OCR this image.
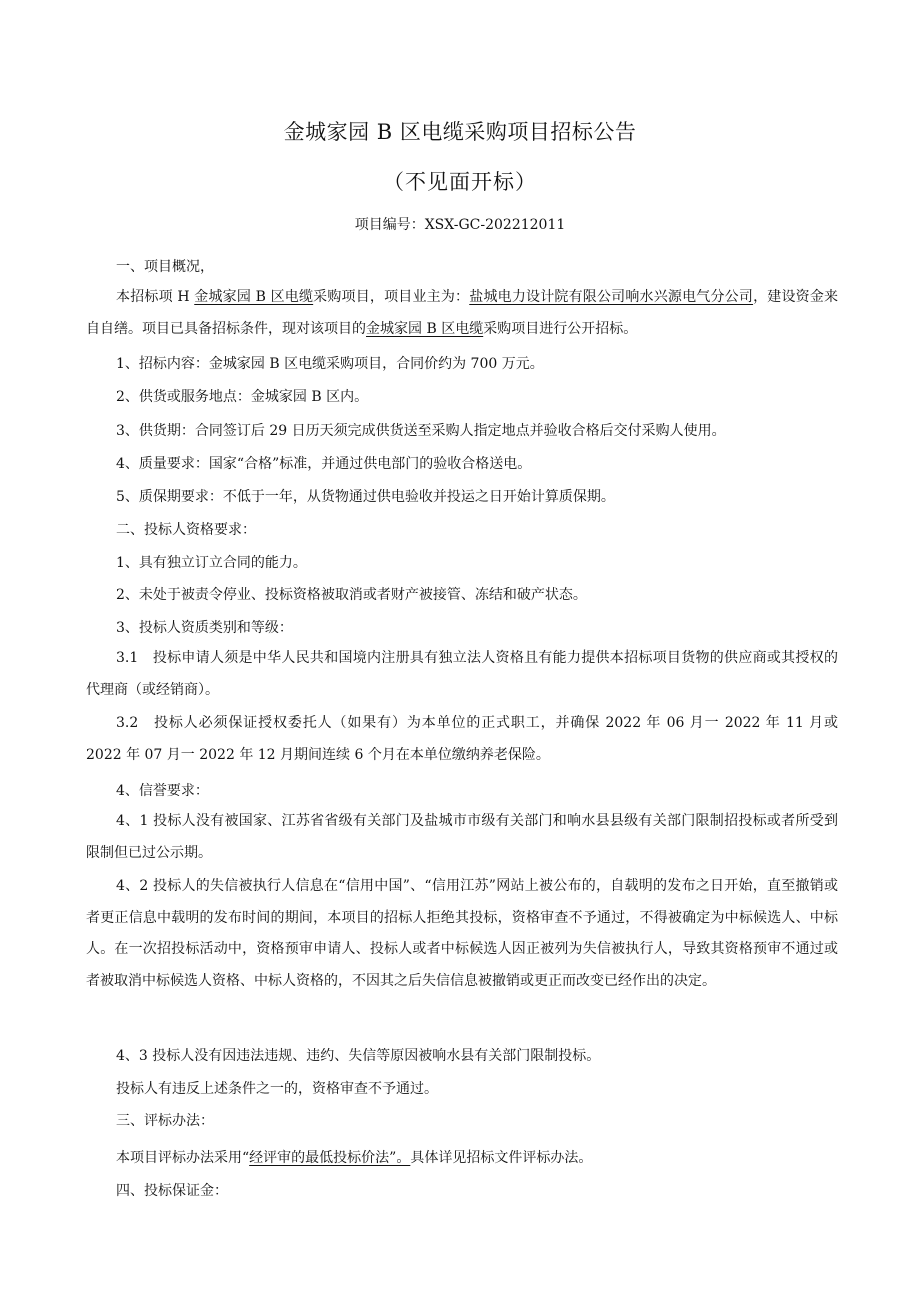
金城家园 B 区电缆采购项目招标公告
（不见面开标）
项目编号：XSX-GC-202212011
一、项目概况，
本招标项 H 金城家园 B 区电缆采购项目，项目业主为：盐城电力设计院有限公司响水兴源电气分公司，建设资金来自自缮。项目已具备招标条件，现对该项目的金城家园 B 区电缆采购项目进行公开招标。
1、招标内容：金城家园 B 区电缆采购项目，合同价约为 700 万元。
2、供货或服务地点：金城家园 B 区内。
3、供货期：合同签订后 29 日历天须完成供货送至采购人指定地点并验收合格后交付采购人使用。
4、质量要求：国家“合格”标准，并通过供电部门的验收合格送电。
5、质保期要求：不低于一年，从货物通过供电验收并投运之日开始计算质保期。
二、投标人资格要求：
1、具有独立订立合同的能力。
2、未处于被责令停业、投标资格被取消或者财产被接管、冻结和破产状态。
3、投标人资质类别和等级：
3.1　投标申请人须是中华人民共和国境内注册具有独立法人资格且有能力提供本招标项目货物的供应商或其授权的代理商（或经销商）。
3.2　投标人必须保证授权委托人（如果有）为本单位的正式职工，并确保 2022 年 06 月一 2022 年 11 月或 2022 年 07 月一 2022 年 12 月期间连续 6 个月在本单位缴纳养老保险。
4、信誉要求：
4、1 投标人没有被国家、江苏省省级有关部门及盐城市市级有关部门和响水县县级有关部门限制招投标或者所受到限制但已过公示期。
4、2 投标人的失信被执行人信息在“信用中国”、“信用江苏”网站上被公布的，自载明的发布之日开始，直至撤销或者更正信息中载明的发布时间的期间，本项目的招标人拒绝其投标，资格审查不予通过，不得被确定为中标候选人、中标人。在一次招投标活动中，资格预审申请人、投标人或者中标候选人因正被列为失信被执行人，导致其资格预审不通过或者被取消中标候选人资格、中标人资格的，不因其之后失信信息被撤销或更正而改变已经作出的决定。
4、3 投标人没有因违法违规、违约、失信等原因被响水县有关部门限制投标。
投标人有违反上述条件之一的，资格审查不予通过。
三、评标办法：
本项目评标办法采用“经评审的最低投标价法”。具体详见招标文件评标办法。
四、投标保证金：
